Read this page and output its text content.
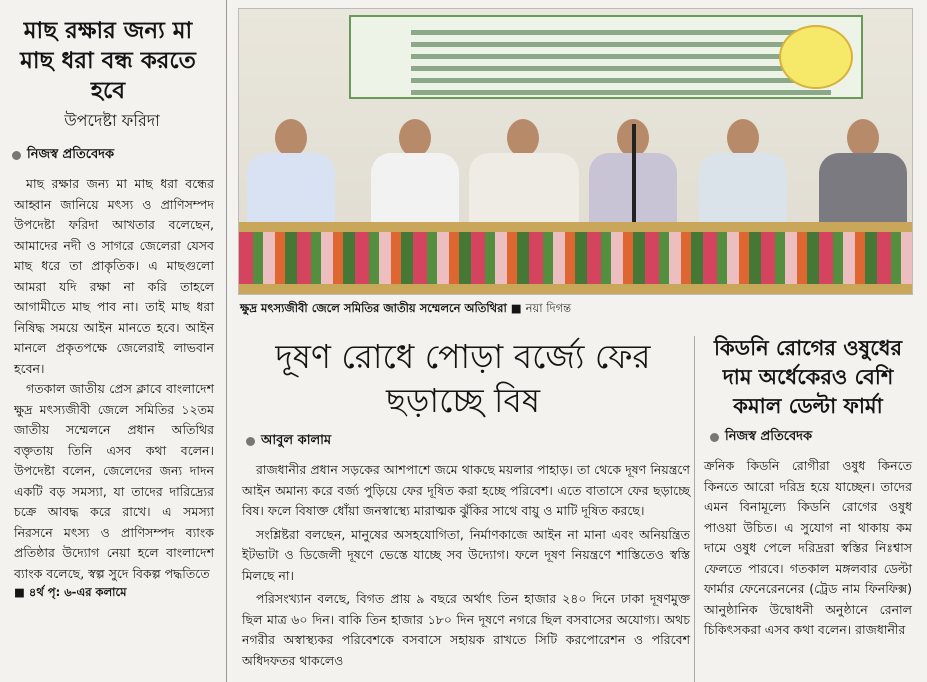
মাছ রক্ষার জন্য মা মাছ ধরা বন্ধ করতে হবে
উপদেষ্টা ফরিদা
নিজস্ব প্রতিবেদক

মাছ রক্ষার জন্য মা মাছ ধরা বন্ধের আহ্বান জানিয়ে মৎস্য ও প্রাণিসম্পদ উপদেষ্টা ফরিদা আখতার বলেছেন, আমাদের নদী ও সাগরে জেলেরা যেসব মাছ ধরে তা প্রাকৃতিক। এ মাছগুলো আমরা যদি রক্ষা না করি তাহলে আগামীতে মাছ পাব না। তাই মাছ ধরা নিষিদ্ধ সময়ে আইন মানতে হবে। আইন মানলে প্রকৃতপক্ষে জেলেরাই লাভবান হবেন।

গতকাল জাতীয় প্রেস ক্লাবে বাংলাদেশ ক্ষুদ্র মৎস্যজীবী জেলে সমিতির ১২তম জাতীয় সম্মেলনে প্রধান অতিথির বক্তৃতায় তিনি এসব কথা বলেন। উপদেষ্টা বলেন, জেলেদের জন্য দাদন একটি বড় সমস্যা, যা তাদের দারিদ্র্যের চক্রে আবদ্ধ করে রাখে। এ সমস্যা নিরসনে মৎস্য ও প্রাণিসম্পদ ব্যাংক প্রতিষ্ঠার উদ্যোগ নেয়া হলে বাংলাদেশ ব্যাংক বলেছে, স্বল্প সুদে বিকল্প পদ্ধতিতে

■ ৪র্থ পৃ: ৬-এর কলামে
ক্ষুদ্র মৎস্যজীবী জেলে সমিতির জাতীয় সম্মেলনে অতিথিরা ■ নয়া দিগন্ত
দূষণ রোধে পোড়া বর্জ্যে ফের ছড়াচ্ছে বিষ
আবুল কালাম

রাজধানীর প্রধান সড়কের আশপাশে জমে থাকছে ময়লার পাহাড়। তা থেকে দূষণ নিয়ন্ত্রণে আইন অমান্য করে বর্জ্য পুড়িয়ে ফের দূষিত করা হচ্ছে পরিবেশ। এতে বাতাসে ফের ছড়াচ্ছে বিষ। ফলে বিষাক্ত ধোঁয়া জনস্বাস্থ্যে মারাত্মক ঝুঁকির সাথে বায়ু ও মাটি দূষিত করছে।

সংশ্লিষ্টরা বলছেন, মানুষের অসহযোগিতা, নির্মাণকাজে আইন না মানা এবং অনিয়ন্ত্রিত ইটভাটা ও ডিজেলী দূষণে ভেস্তে যাচ্ছে সব উদ্যোগ। ফলে দূষণ নিয়ন্ত্রণে শাস্তিতেও স্বস্তি মিলছে না।

পরিসংখ্যান বলছে, বিগত প্রায় ৯ বছরে অর্থাৎ তিন হাজার ২৪০ দিনে ঢাকা দূষণমুক্ত ছিল মাত্র ৬০ দিন। বাকি তিন হাজার ১৮০ দিন দূষণে নগরে ছিল বসবাসের অযোগ্য। অথচ নগরীর অস্বাস্থ্যকর পরিবেশকে বসবাসে সহায়ক রাখতে সিটি করপোরেশন ও পরিবেশ অধিদফতর থাকলেও

কিডনি রোগের ওষুধের দাম অর্ধেকেরও বেশি কমাল ডেল্টা ফার্মা
নিজস্ব প্রতিবেদক
ক্রনিক কিডনি রোগীরা ওষুধ কিনতে কিনতে আরো দরিদ্র হয়ে যাচ্ছেন। তাদের এমন বিনামূল্যে কিডনি রোগের ওষুধ পাওয়া উচিত। এ সুযোগ না থাকায় কম দামে ওষুধ পেলে দরিদ্ররা স্বস্তির নিঃশ্বাস ফেলতে পারবে। গতকাল মঙ্গলবার ডেল্টা ফার্মার ফেনেরেননের (ট্রেড নাম ফিনফিক্স) আনুষ্ঠানিক উদ্বোধনী অনুষ্ঠানে রেনাল চিকিৎসকরা এসব কথা বলেন। রাজধানীর
